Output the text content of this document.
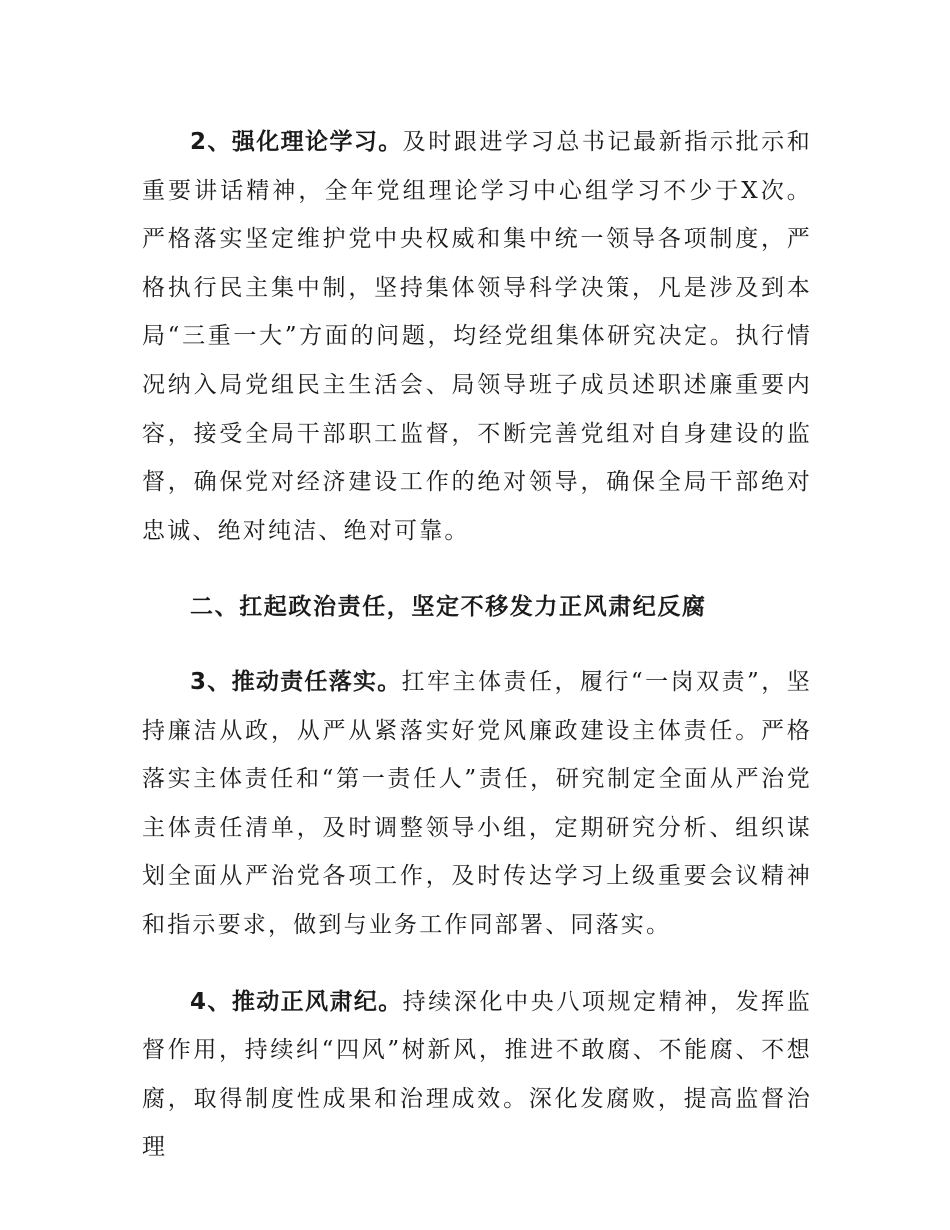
2、强化理论学习。及时跟进学习总书记最新指示批示和重要讲话精神，全年党组理论学习中心组学习不少于X次。严格落实坚定维护党中央权威和集中统一领导各项制度，严格执行民主集中制，坚持集体领导科学决策，凡是涉及到本局“三重一大”方面的问题，均经党组集体研究决定。执行情况纳入局党组民主生活会、局领导班子成员述职述廉重要内容，接受全局干部职工监督，不断完善党组对自身建设的监督，确保党对经济建设工作的绝对领导，确保全局干部绝对忠诚、绝对纯洁、绝对可靠。

二、扛起政治责任，坚定不移发力正风肃纪反腐

3、推动责任落实。扛牢主体责任，履行“一岗双责”，坚持廉洁从政，从严从紧落实好党风廉政建设主体责任。严格落实主体责任和“第一责任人”责任，研究制定全面从严治党主体责任清单，及时调整领导小组，定期研究分析、组织谋划全面从严治党各项工作，及时传达学习上级重要会议精神和指示要求，做到与业务工作同部署、同落实。

4、推动正风肃纪。持续深化中央八项规定精神，发挥监督作用，持续纠“四风”树新风，推进不敢腐、不能腐、不想腐，取得制度性成果和治理成效。深化发腐败，提高监督治理
